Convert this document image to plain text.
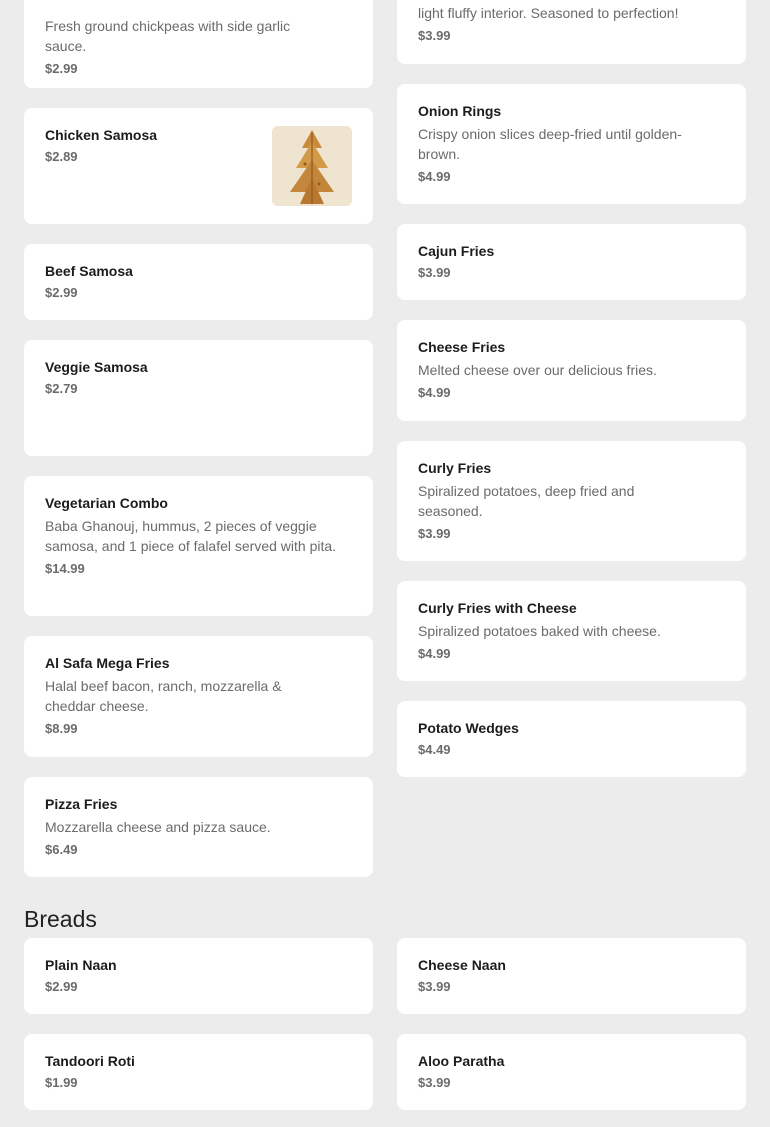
Fresh ground chickpeas with side garlic sauce.

$2.99

Chicken Samosa

$2.89

Beef Samosa

$2.99

Veggie Samosa

$2.79

Vegetarian Combo

Baba Ghanouj, hummus, 2 pieces of veggie samosa, and 1 piece of falafel served with pita.

$14.99

Al Safa Mega Fries

Halal beef bacon, ranch, mozzarella & cheddar cheese.

$8.99

Pizza Fries

Mozzarella cheese and pizza sauce.

$6.49

light fluffy interior. Seasoned to perfection!

$3.99

Onion Rings

Crispy onion slices deep-fried until golden-brown.

$4.99

Cajun Fries

$3.99

Cheese Fries

Melted cheese over our delicious fries.

$4.99

Curly Fries

Spiralized potatoes, deep fried and seasoned.

$3.99

Curly Fries with Cheese

Spiralized potatoes baked with cheese.

$4.99

Potato Wedges

$4.49

Breads

Plain Naan

$2.99

Cheese Naan

$3.99

Tandoori Roti

$1.99

Aloo Paratha

$3.99
